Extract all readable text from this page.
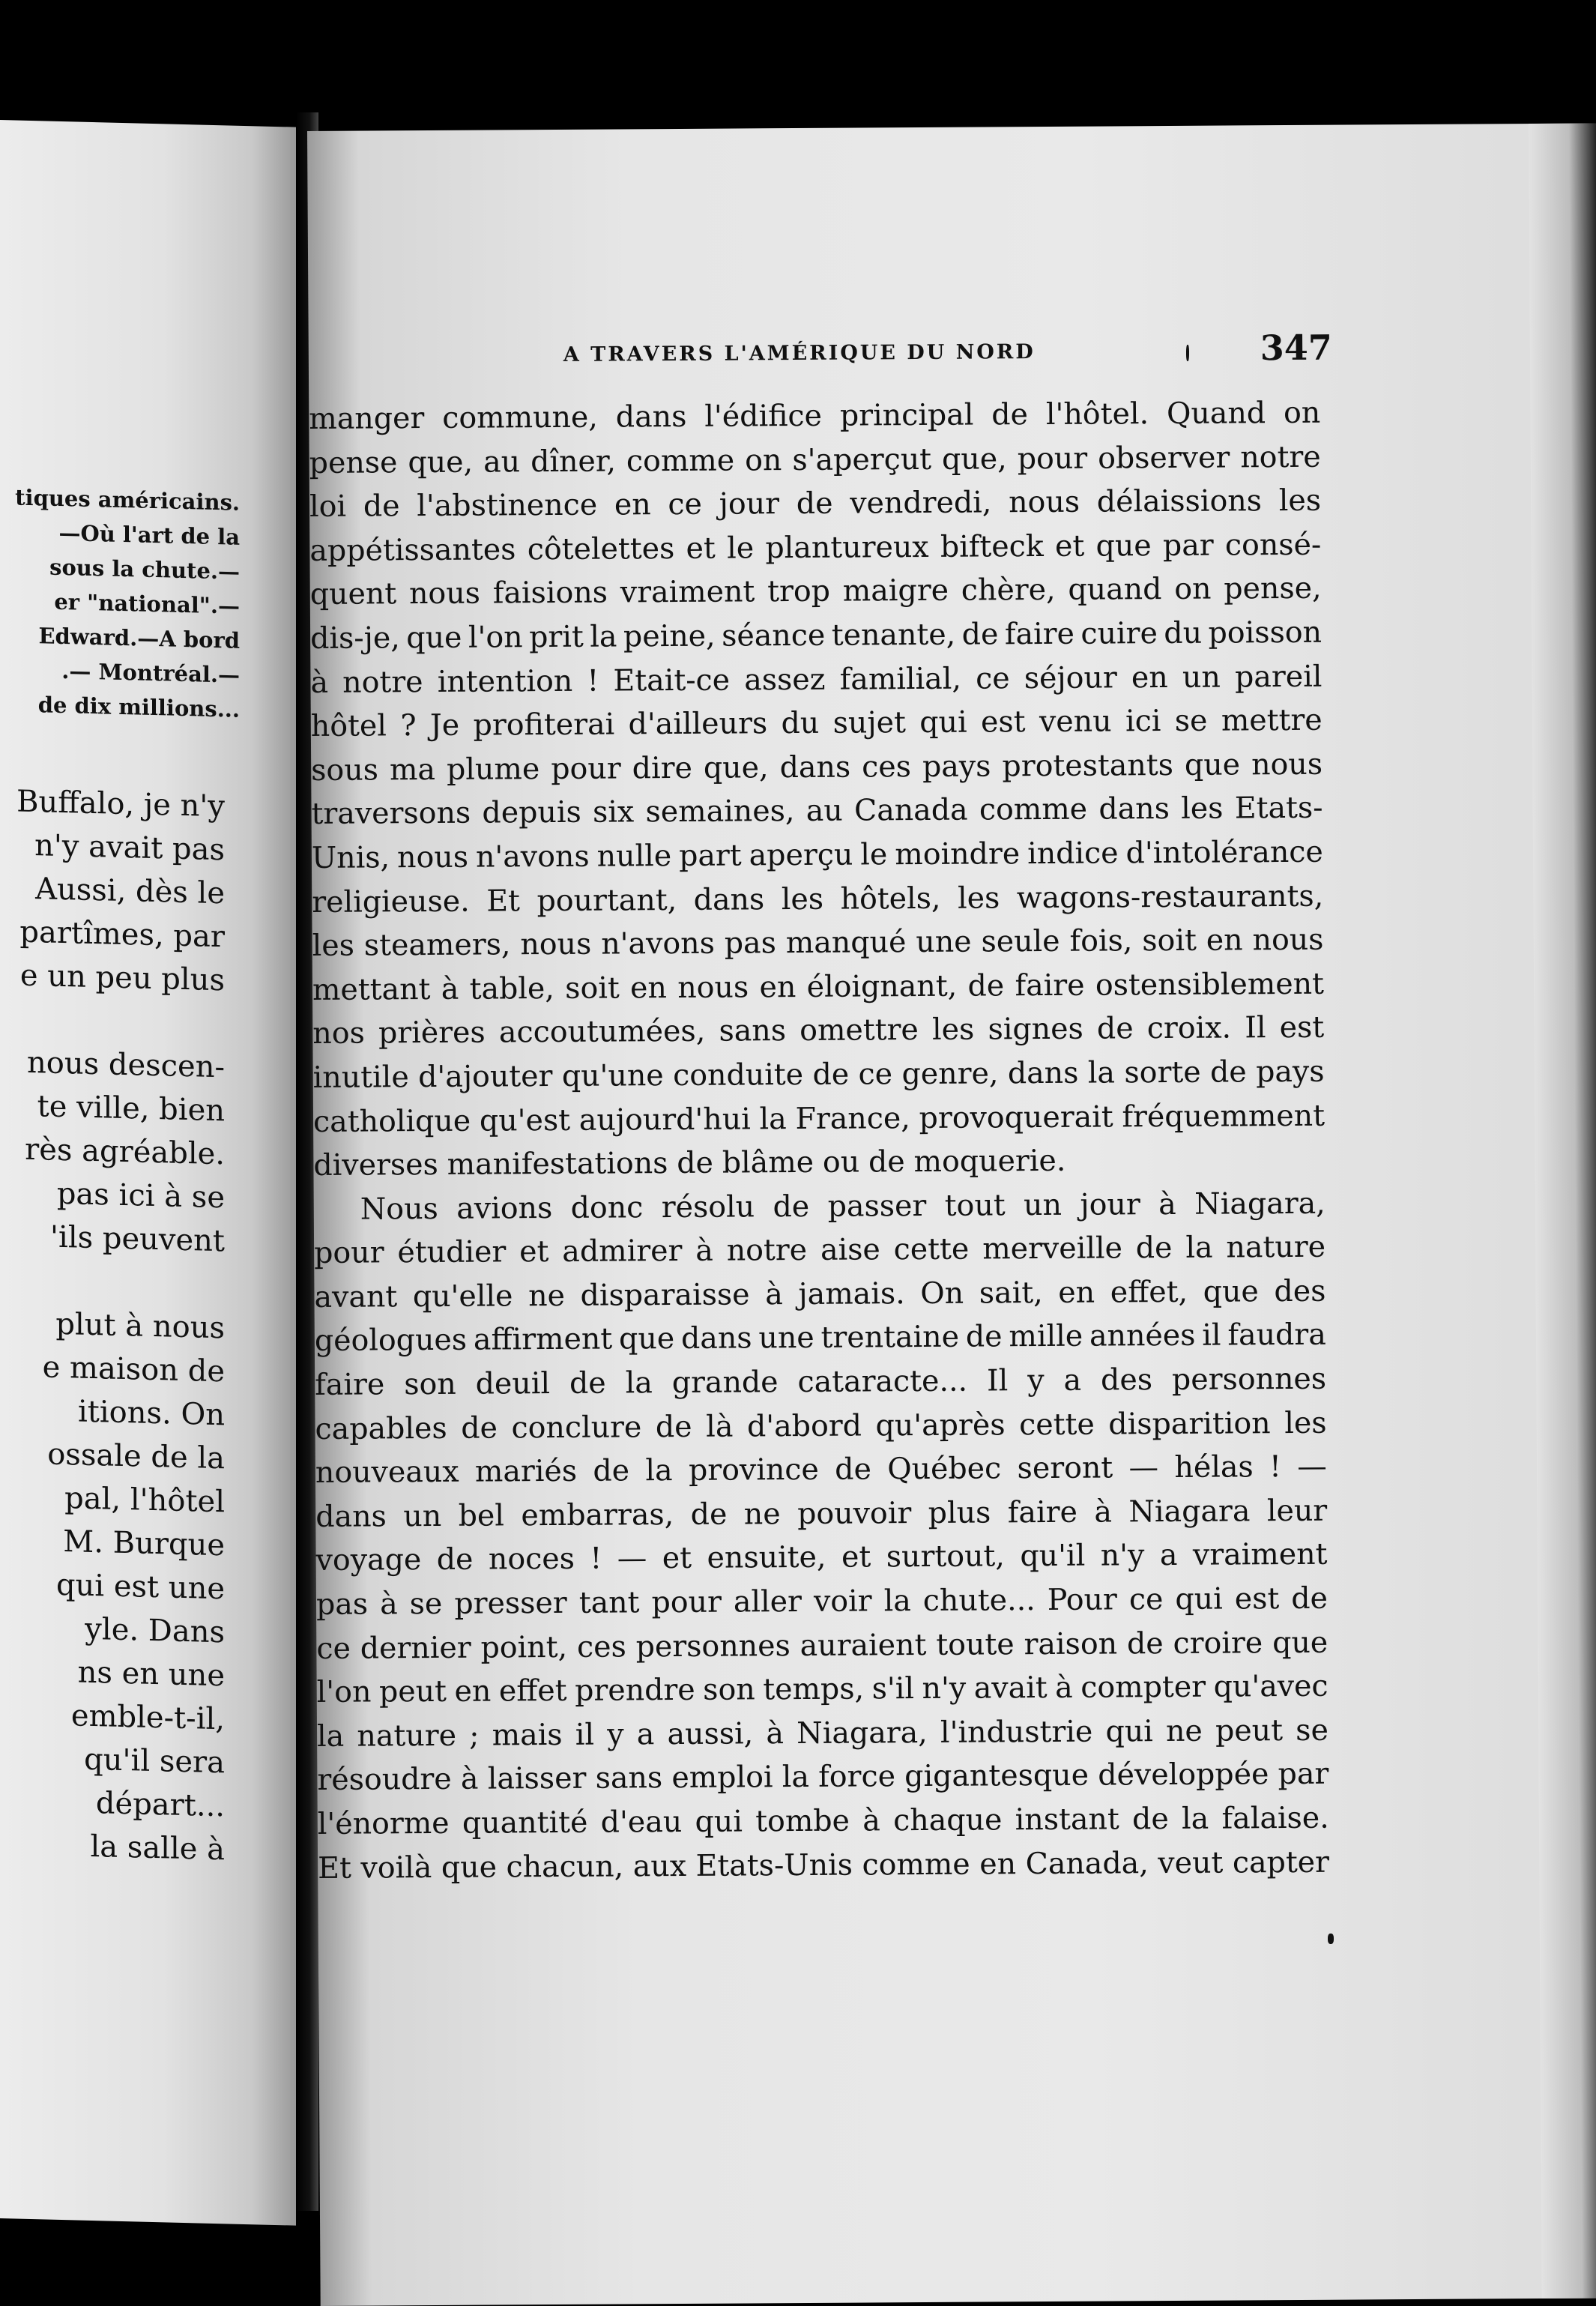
tiques américains.
—Où l'art de la
sous la chute.—
er "national".—
Edward.—A bord
.— Montréal.—
de dix millions...
Buffalo, je n'y
n'y avait pas
Aussi, dès le
partîmes, par
e un peu plus

nous descen-
te ville, bien
rès agréable.
pas ici à se
'ils peuvent

plut à nous
e maison de
itions. On
ossale de la
pal, l'hôtel
M. Burque
qui est une
yle. Dans
ns en une
emble-t-il,
qu'il sera
départ...
la salle à
A TRAVERS L'AMÉRIQUE DU NORD	347
manger commune, dans l'édifice principal de l'hôtel. Quand on
pense que, au dîner, comme on s'aperçut que, pour observer notre
loi de l'abstinence en ce jour de vendredi, nous délaissions les
appétissantes côtelettes et le plantureux bifteck et que par consé-
quent nous faisions vraiment trop maigre chère, quand on pense,
dis-je, que l'on prit la peine, séance tenante, de faire cuire du poisson
à notre intention ! Etait-ce assez familial, ce séjour en un pareil
hôtel ? Je profiterai d'ailleurs du sujet qui est venu ici se mettre
sous ma plume pour dire que, dans ces pays protestants que nous
traversons depuis six semaines, au Canada comme dans les Etats-
Unis, nous n'avons nulle part aperçu le moindre indice d'intolérance
religieuse. Et pourtant, dans les hôtels, les wagons-restaurants,
les steamers, nous n'avons pas manqué une seule fois, soit en nous
mettant à table, soit en nous en éloignant, de faire ostensiblement
nos prières accoutumées, sans omettre les signes de croix. Il est
inutile d'ajouter qu'une conduite de ce genre, dans la sorte de pays
catholique qu'est aujourd'hui la France, provoquerait fréquemment
diverses manifestations de blâme ou de moquerie.
Nous avions donc résolu de passer tout un jour à Niagara,
pour étudier et admirer à notre aise cette merveille de la nature
avant qu'elle ne disparaisse à jamais. On sait, en effet, que des
géologues affirment que dans une trentaine de mille années il faudra
faire son deuil de la grande cataracte... Il y a des personnes
capables de conclure de là d'abord qu'après cette disparition les
nouveaux mariés de la province de Québec seront — hélas ! —
dans un bel embarras, de ne pouvoir plus faire à Niagara leur
voyage de noces ! — et ensuite, et surtout, qu'il n'y a vraiment
pas à se presser tant pour aller voir la chute... Pour ce qui est de
ce dernier point, ces personnes auraient toute raison de croire que
l'on peut en effet prendre son temps, s'il n'y avait à compter qu'avec
la nature ; mais il y a aussi, à Niagara, l'industrie qui ne peut se
résoudre à laisser sans emploi la force gigantesque développée par
l'énorme quantité d'eau qui tombe à chaque instant de la falaise.
Et voilà que chacun, aux Etats-Unis comme en Canada, veut capter
